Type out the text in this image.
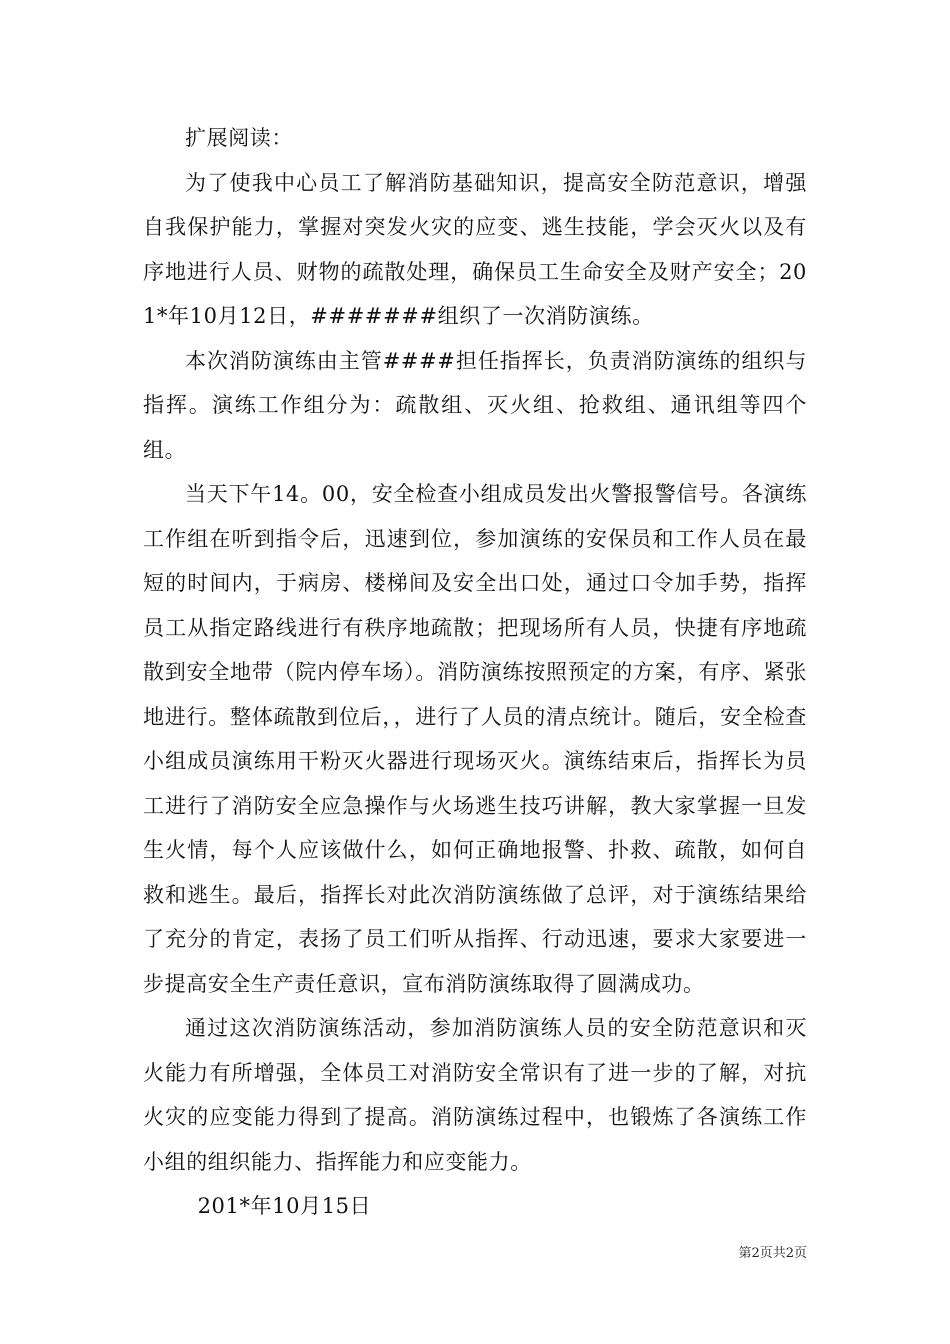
扩展阅读：

为了使我中心员工了解消防基础知识，提高安全防范意识，增强自我保护能力，掌握对突发火灾的应变、逃生技能，学会灭火以及有序地进行人员、财物的疏散处理，确保员工生命安全及财产安全；201*年10月12日，#######组织了一次消防演练。

本次消防演练由主管####担任指挥长，负责消防演练的组织与指挥。演练工作组分为：疏散组、灭火组、抢救组、通讯组等四个组。

当天下午14。00，安全检查小组成员发出火警报警信号。各演练工作组在听到指令后，迅速到位，参加演练的安保员和工作人员在最短的时间内，于病房、楼梯间及安全出口处，通过口令加手势，指挥员工从指定路线进行有秩序地疏散；把现场所有人员，快捷有序地疏散到安全地带（院内停车场）。消防演练按照预定的方案，有序、紧张地进行。整体疏散到位后，，进行了人员的清点统计。随后，安全检查小组成员演练用干粉灭火器进行现场灭火。演练结束后，指挥长为员工进行了消防安全应急操作与火场逃生技巧讲解，教大家掌握一旦发生火情，每个人应该做什么，如何正确地报警、扑救、疏散，如何自救和逃生。最后，指挥长对此次消防演练做了总评，对于演练结果给了充分的肯定，表扬了员工们听从指挥、行动迅速，要求大家要进一步提高安全生产责任意识，宣布消防演练取得了圆满成功。

通过这次消防演练活动，参加消防演练人员的安全防范意识和灭火能力有所增强，全体员工对消防安全常识有了进一步的了解，对抗火灾的应变能力得到了提高。消防演练过程中，也锻炼了各演练工作小组的组织能力、指挥能力和应变能力。

201*年10月15日

第2页共2页
